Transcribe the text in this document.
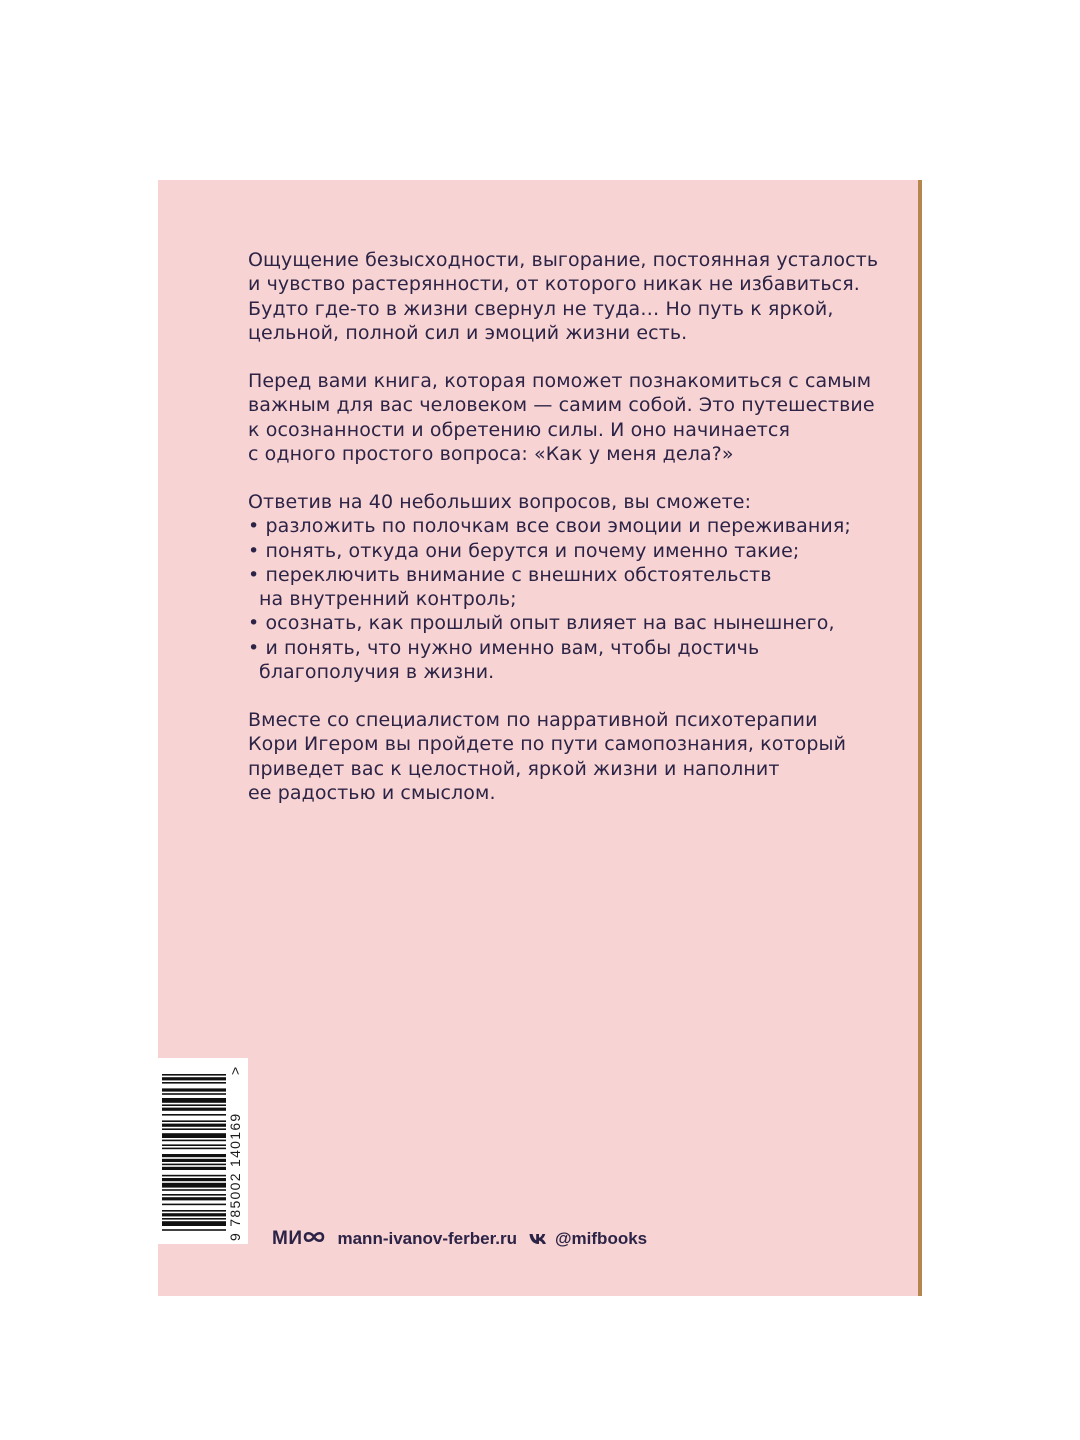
Ощущение безысходности, выгорание, постоянная усталость
и чувство растерянности, от которого никак не избавиться.
Будто где-то в жизни свернул не туда… Но путь к яркой,
цельной, полной сил и эмоций жизни есть.
Перед вами книга, которая поможет познакомиться с самым
важным для вас человеком — самим собой. Это путешествие
к осознанности и обретению силы. И оно начинается
с одного простого вопроса: «Как у меня дела?»
Ответив на 40 небольших вопросов, вы сможете:
• разложить по полочкам все свои эмоции и переживания;
• понять, откуда они берутся и почему именно такие;
• переключить внимание с внешних обстоятельств
на внутренний контроль;
• осознать, как прошлый опыт влияет на вас нынешнего,
• и понять, что нужно именно вам, чтобы достичь
благополучия в жизни.
Вместе со специалистом по нарративной психотерапии
Кори Игером вы пройдете по пути самопознания, который
приведет вас к целостной, яркой жизни и наполнит
ее радостью и смыслом.
9 785002 140169
>
МИ mann-ivanov-ferber.ru @mifbooks
